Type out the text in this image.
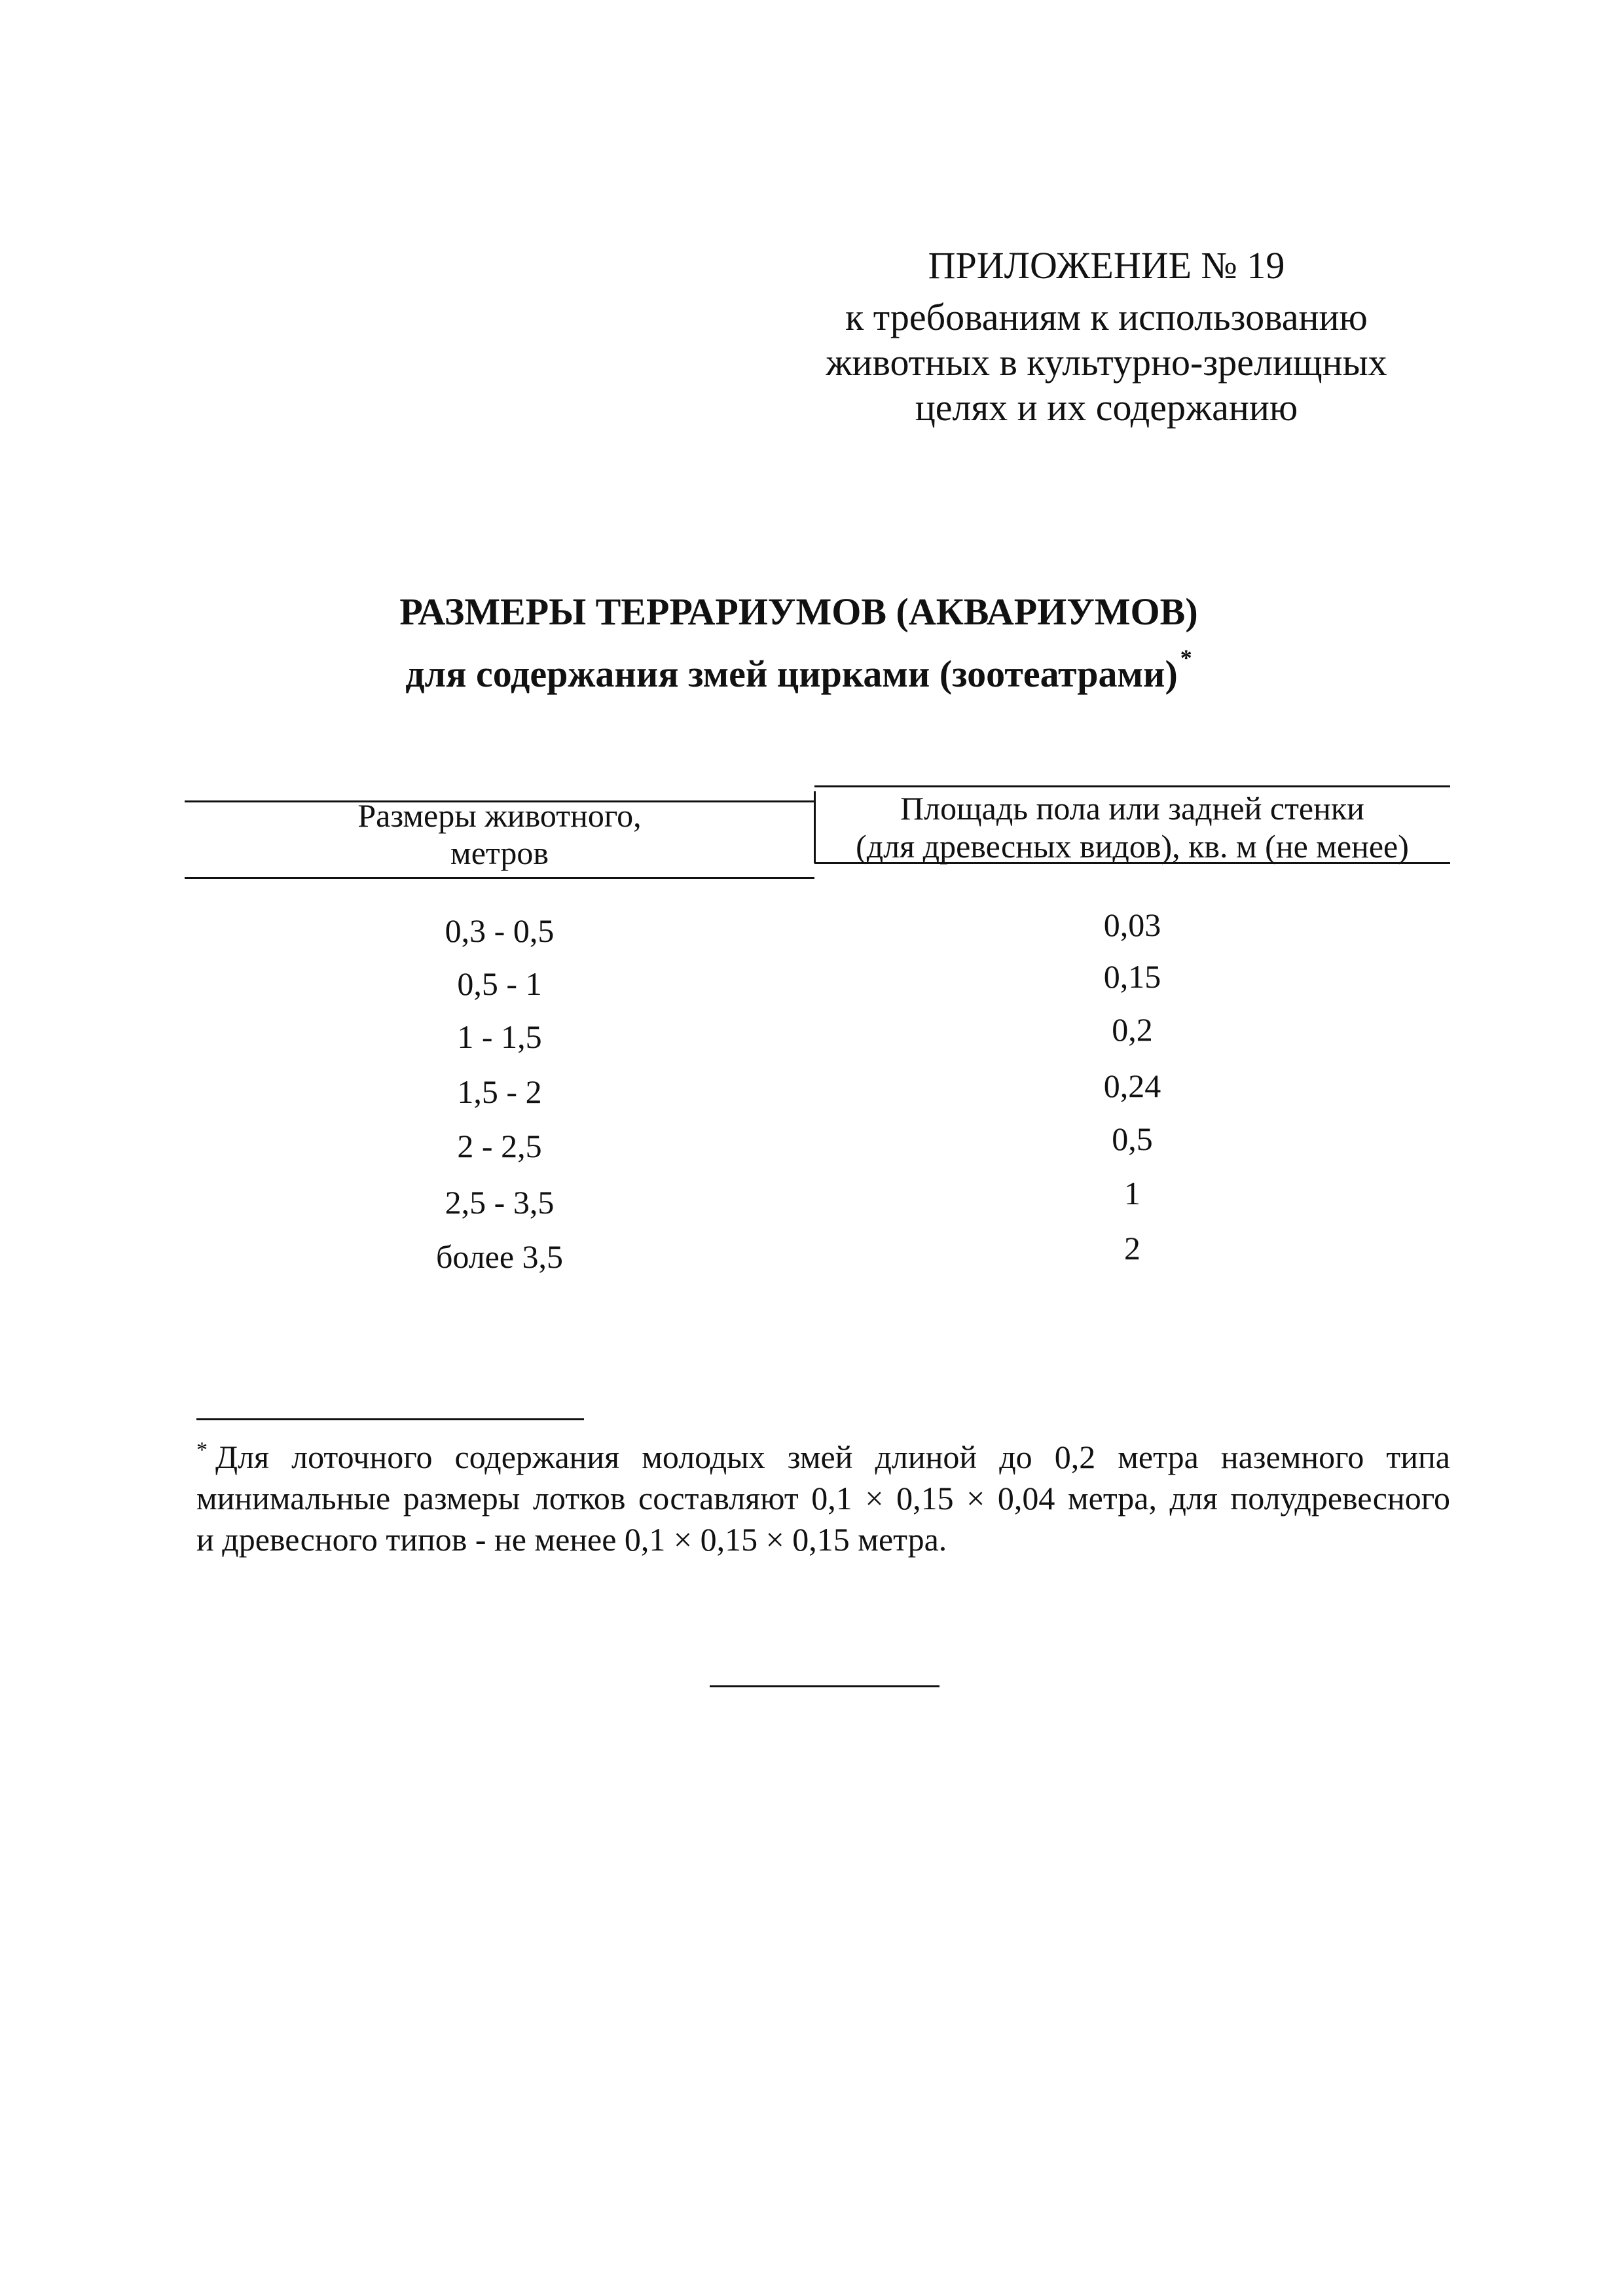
ПРИЛОЖЕНИЕ № 19
к требованиям к использованию
животных в культурно-зрелищных
целях и их содержанию
РАЗМЕРЫ ТЕРРАРИУМОВ (АКВАРИУМОВ)
для содержания змей цирками (зоотеатрами) *
Размеры животного,
метров
Площадь пола или задней стенки
(для древесных видов), кв. м (не менее)
0,3 - 0,5	0,03
0,5 - 1	0,15
1 - 1,5	0,2
1,5 - 2	0,24
2 - 2,5	0,5
2,5 - 3,5	1
более 3,5	2
* Для лоточного содержания молодых змей длиной до 0,2 метра наземного типа
минимальные размеры лотков составляют 0,1 × 0,15 × 0,04 метра, для полудревесного
и древесного типов - не менее 0,1 × 0,15 × 0,15 метра.
